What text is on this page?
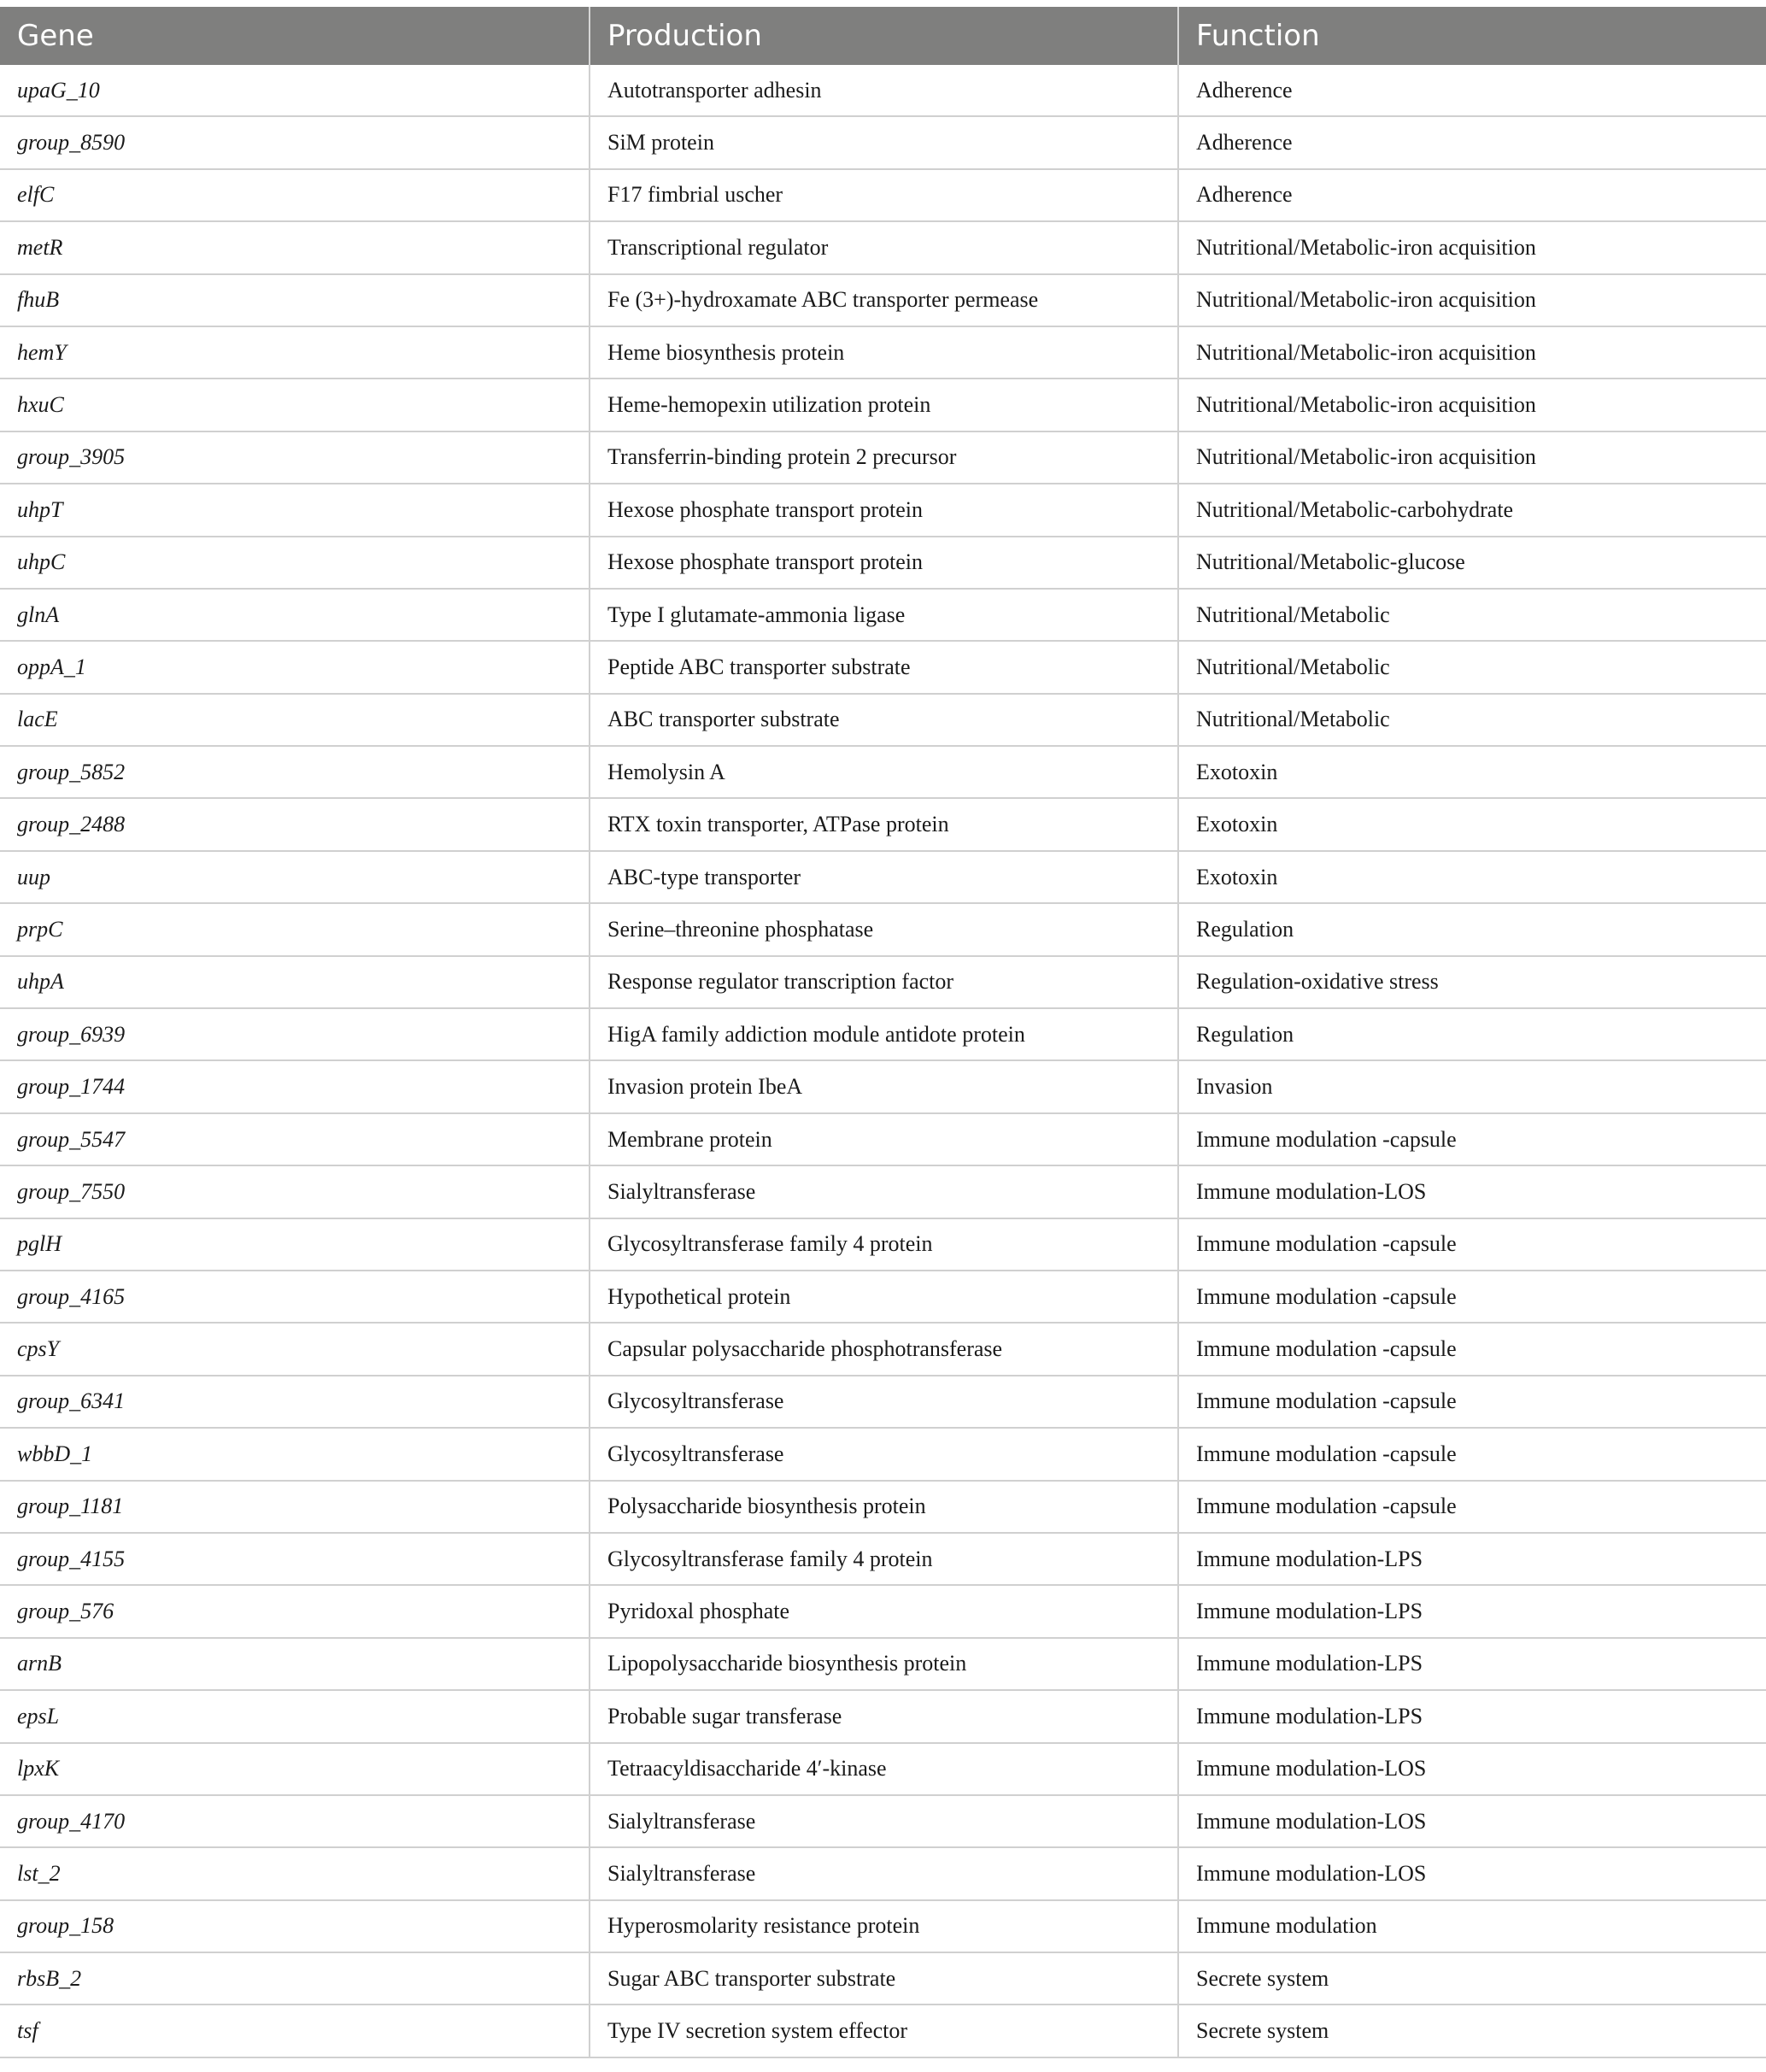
Gene	Production	Function
upaG_10	Autotransporter adhesin	Adherence
group_8590	SiM protein	Adherence
elfC	F17 fimbrial uscher	Adherence
metR	Transcriptional regulator	Nutritional/Metabolic-iron acquisition
fhuB	Fe (3+)-hydroxamate ABC transporter permease	Nutritional/Metabolic-iron acquisition
hemY	Heme biosynthesis protein	Nutritional/Metabolic-iron acquisition
hxuC	Heme-hemopexin utilization protein	Nutritional/Metabolic-iron acquisition
group_3905	Transferrin-binding protein 2 precursor	Nutritional/Metabolic-iron acquisition
uhpT	Hexose phosphate transport protein	Nutritional/Metabolic-carbohydrate
uhpC	Hexose phosphate transport protein	Nutritional/Metabolic-glucose
glnA	Type I glutamate-ammonia ligase	Nutritional/Metabolic
oppA_1	Peptide ABC transporter substrate	Nutritional/Metabolic
lacE	ABC transporter substrate	Nutritional/Metabolic
group_5852	Hemolysin A	Exotoxin
group_2488	RTX toxin transporter, ATPase protein	Exotoxin
uup	ABC-type transporter	Exotoxin
prpC	Serine–threonine phosphatase	Regulation
uhpA	Response regulator transcription factor	Regulation-oxidative stress
group_6939	HigA family addiction module antidote protein	Regulation
group_1744	Invasion protein IbeA	Invasion
group_5547	Membrane protein	Immune modulation -capsule
group_7550	Sialyltransferase	Immune modulation-LOS
pglH	Glycosyltransferase family 4 protein	Immune modulation -capsule
group_4165	Hypothetical protein	Immune modulation -capsule
cpsY	Capsular polysaccharide phosphotransferase	Immune modulation -capsule
group_6341	Glycosyltransferase	Immune modulation -capsule
wbbD_1	Glycosyltransferase	Immune modulation -capsule
group_1181	Polysaccharide biosynthesis protein	Immune modulation -capsule
group_4155	Glycosyltransferase family 4 protein	Immune modulation-LPS
group_576	Pyridoxal phosphate	Immune modulation-LPS
arnB	Lipopolysaccharide biosynthesis protein	Immune modulation-LPS
epsL	Probable sugar transferase	Immune modulation-LPS
lpxK	Tetraacyldisaccharide 4′-kinase	Immune modulation-LOS
group_4170	Sialyltransferase	Immune modulation-LOS
lst_2	Sialyltransferase	Immune modulation-LOS
group_158	Hyperosmolarity resistance protein	Immune modulation
rbsB_2	Sugar ABC transporter substrate	Secrete system
tsf	Type IV secretion system effector	Secrete system
